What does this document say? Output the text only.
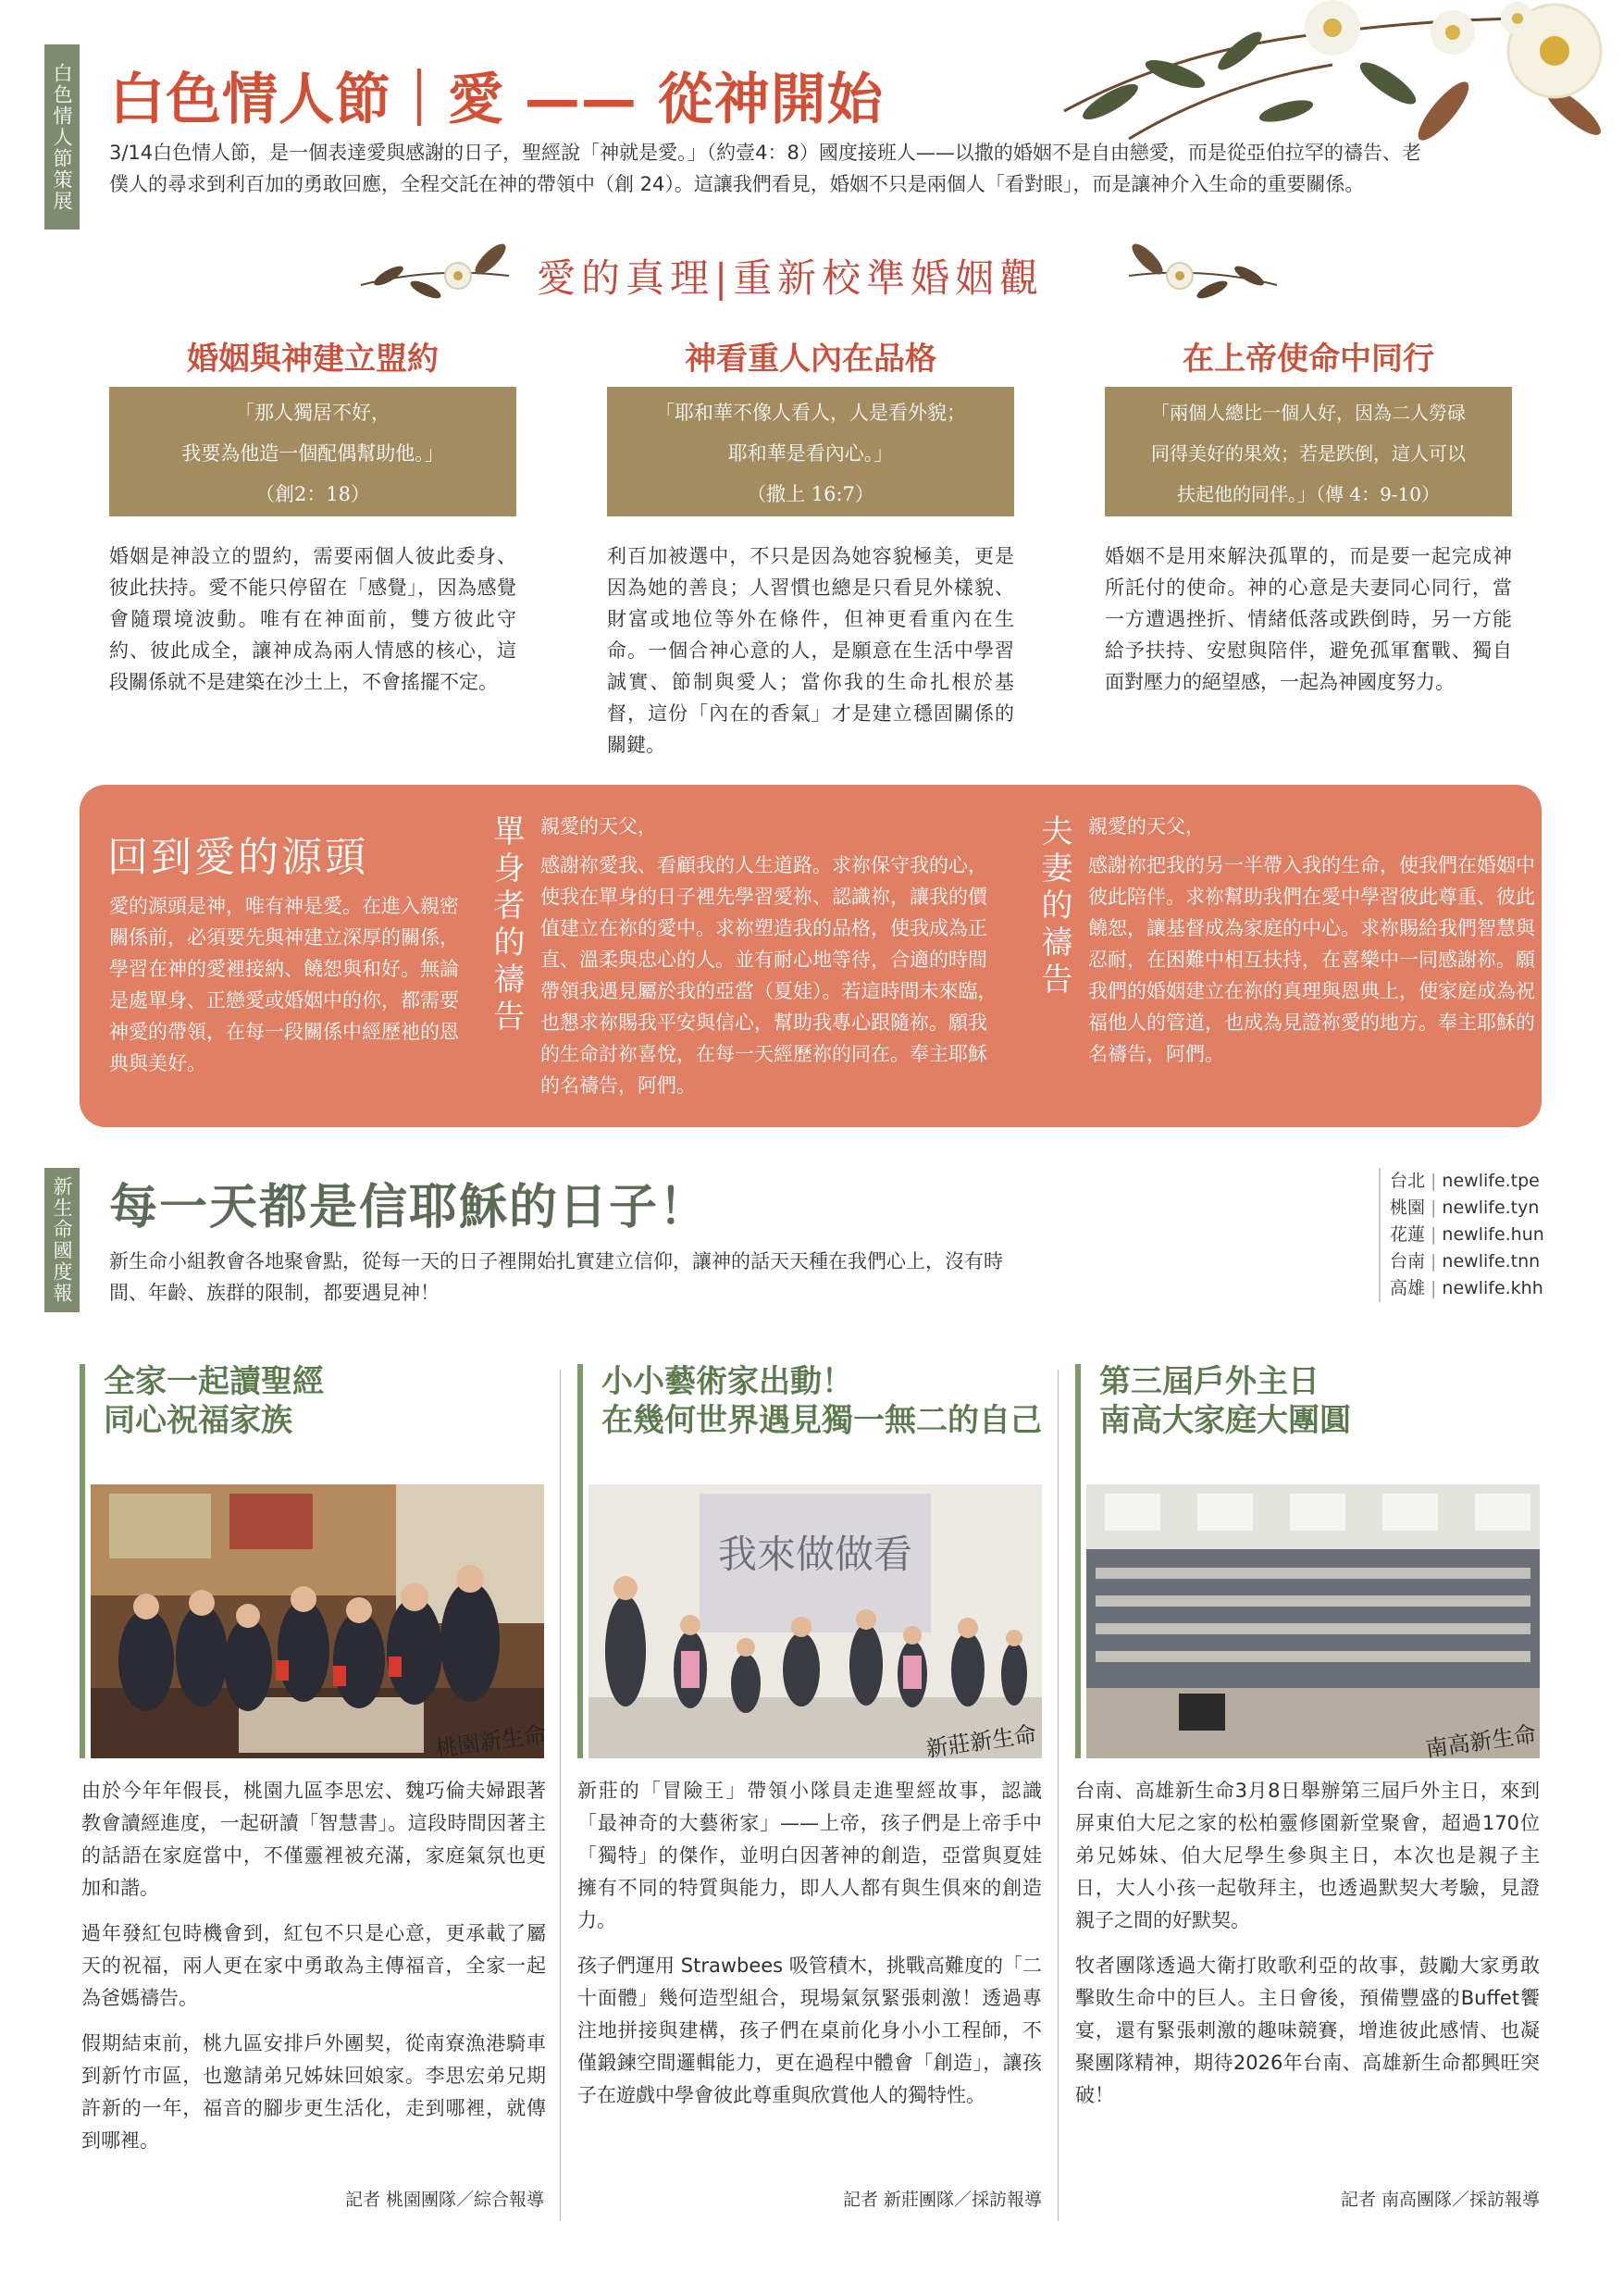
白色情人節策展 白色情人節｜愛 —— 從神開始
3/14白色情人節，是一個表達愛與感謝的日子，聖經說「神就是愛。」（約壹4：8）國度接班人——以撒的婚姻不是自由戀愛，而是從亞伯拉罕的禱告、老僕人的尋求到利百加的勇敢回應，全程交託在神的帶領中（創 24）。這讓我們看見，婚姻不只是兩個人「看對眼」，而是讓神介入生命的重要關係。
愛的真理|重新校準婚姻觀
婚姻與神建立盟約
「那人獨居不好，
我要為他造一個配偶幫助他。」
（創2：18）
婚姻是神設立的盟約，需要兩個人彼此委身、彼此扶持。愛不能只停留在「感覺」，因為感覺會隨環境波動。唯有在神面前，雙方彼此守約、彼此成全，讓神成為兩人情感的核心，這段關係就不是建築在沙土上，不會搖擺不定。
神看重人內在品格
「耶和華不像人看人，人是看外貌；
耶和華是看內心。」
（撒上 16:7）
利百加被選中，不只是因為她容貌極美，更是因為她的善良；人習慣也總是只看見外樣貌、財富或地位等外在條件，但神更看重內在生命。一個合神心意的人，是願意在生活中學習誠實、節制與愛人；當你我的生命扎根於基督，這份「內在的香氣」才是建立穩固關係的關鍵。
在上帝使命中同行
「兩個人總比一個人好，因為二人勞碌
同得美好的果效；若是跌倒，這人可以
扶起他的同伴。」（傳 4：9-10）
婚姻不是用來解決孤單的，而是要一起完成神所託付的使命。神的心意是夫妻同心同行，當一方遭遇挫折、情緒低落或跌倒時，另一方能給予扶持、安慰與陪伴，避免孤軍奮戰、獨自面對壓力的絕望感，一起為神國度努力。
回到愛的源頭
愛的源頭是神，唯有神是愛。在進入親密關係前，必須要先與神建立深厚的關係，學習在神的愛裡接納、饒恕與和好。無論是處單身、正戀愛或婚姻中的你，都需要神愛的帶領，在每一段關係中經歷祂的恩典與美好。
單身者的禱告 親愛的天父，
感謝祢愛我、看顧我的人生道路。求祢保守我的心，使我在單身的日子裡先學習愛祢、認識祢，讓我的價值建立在祢的愛中。求祢塑造我的品格，使我成為正直、溫柔與忠心的人。並有耐心地等待，合適的時間帶領我遇見屬於我的亞當（夏娃）。若這時間未來臨，也懇求祢賜我平安與信心，幫助我專心跟隨祢。願我的生命討祢喜悅，在每一天經歷祢的同在。奉主耶穌的名禱告，阿們。
夫妻的禱告 親愛的天父，
感謝祢把我的另一半帶入我的生命，使我們在婚姻中彼此陪伴。求祢幫助我們在愛中學習彼此尊重、彼此饒恕，讓基督成為家庭的中心。求祢賜給我們智慧與忍耐，在困難中相互扶持，在喜樂中一同感謝祢。願我們的婚姻建立在祢的真理與恩典上，使家庭成為祝福他人的管道，也成為見證祢愛的地方。奉主耶穌的名禱告，阿們。
新生命國度報 每一天都是信耶穌的日子！
新生命小組教會各地聚會點，從每一天的日子裡開始扎實建立信仰，讓神的話天天種在我們心上，沒有時間、年齡、族群的限制，都要遇見神！
台北 | newlife.tpe
桃園 | newlife.tyn
花蓮 | newlife.hun
台南 | newlife.tnn
高雄 | newlife.khh
全家一起讀聖經
同心祝福家族
桃園新生命

由於今年年假長，桃園九區李思宏、魏巧倫夫婦跟著教會讀經進度，一起研讀「智慧書」。這段時間因著主的話語在家庭當中，不僅靈裡被充滿，家庭氣氛也更加和諧。

過年發紅包時機會到，紅包不只是心意，更承載了屬天的祝福，兩人更在家中勇敢為主傳福音，全家一起為爸媽禱告。

假期結束前，桃九區安排戶外團契，從南寮漁港騎車到新竹市區，也邀請弟兄姊妹回娘家。李思宏弟兄期許新的一年，福音的腳步更生活化，走到哪裡，就傳到哪裡。

記者 桃園團隊／綜合報導
小小藝術家出動！
在幾何世界遇見獨一無二的自己
我來做做看
新莊新生命

新莊的「冒險王」帶領小隊員走進聖經故事，認識「最神奇的大藝術家」——上帝，孩子們是上帝手中「獨特」的傑作，並明白因著神的創造，亞當與夏娃擁有不同的特質與能力，即人人都有與生俱來的創造力。

孩子們運用 Strawbees 吸管積木，挑戰高難度的「二十面體」幾何造型組合，現場氣氛緊張刺激！透過專注地拼接與建構，孩子們在桌前化身小小工程師，不僅鍛鍊空間邏輯能力，更在過程中體會「創造」，讓孩子在遊戲中學會彼此尊重與欣賞他人的獨特性。

記者 新莊團隊／採訪報導
第三屆戶外主日
南高大家庭大團圓
南高新生命

台南、高雄新生命3月8日舉辦第三屆戶外主日，來到屏東伯大尼之家的松柏靈修園新堂聚會，超過170位弟兄姊妹、伯大尼學生參與主日，本次也是親子主日，大人小孩一起敬拜主，也透過默契大考驗，見證親子之間的好默契。

牧者團隊透過大衛打敗歌利亞的故事，鼓勵大家勇敢擊敗生命中的巨人。主日會後，預備豐盛的Buffet饗宴，還有緊張刺激的趣味競賽，增進彼此感情、也凝聚團隊精神，期待2026年台南、高雄新生命都興旺突破！

記者 南高團隊／採訪報導
